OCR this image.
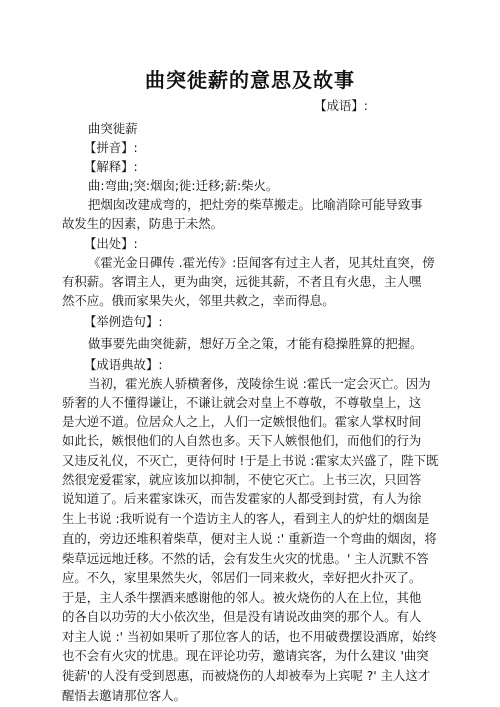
曲突徙薪的意思及故事

【成语】:

曲突徙薪

【拼音】:

【解释】:

曲:弯曲;突:烟囱;徙:迁移;薪:柴火。

把烟囱改建成弯的，把灶旁的柴草搬走。比喻消除可能导致事

故发生的因素，防患于未然。

【出处】:

《霍光金日磾传 .霍光传》:臣闻客有过主人者，见其灶直突，傍

有积薪。客谓主人，更为曲突，远徙其薪，不者且有火患，主人嘿

然不应。俄而家果失火，邻里共救之，幸而得息。

【举例造句】:

做事要先曲突徙薪，想好万全之策，才能有稳操胜算的把握。

【成语典故】:

当初，霍光族人骄横奢侈，茂陵徐生说 :霍氏一定会灭亡。因为

骄奢的人不懂得谦让，不谦让就会对皇上不尊敬，不尊敬皇上，这

是大逆不道。位居众人之上，人们一定嫉恨他们。霍家人掌权时间

如此长，嫉恨他们的人自然也多。天下人嫉恨他们，而他们的行为

又违反礼仪，不灭亡，更待何时 !于是上书说 :霍家太兴盛了，陛下既

然很宠爱霍家，就应该加以抑制，不使它灭亡。上书三次，只回答

说知道了。后来霍家诛灭，而告发霍家的人都受到封赏，有人为徐

生上书说 :我听说有一个造访主人的客人，看到主人的炉灶的烟囱是

直的，旁边还堆积着柴草，便对主人说 :' 重新造一个弯曲的烟囱，将

柴草远远地迁移。不然的话，会有发生火灾的忧患。' 主人沉默不答

应。不久，家里果然失火，邻居们一同来救火，幸好把火扑灭了。

于是，主人杀牛摆酒来感谢他的邻人。被火烧伤的人在上位，其他

的各自以功劳的大小依次坐，但是没有请说改曲突的那个人。有人

对主人说 :' 当初如果听了那位客人的话，也不用破费摆设酒席，始终

也不会有火灾的忧患。现在评论功劳，邀请宾客，为什么建议 '曲突

徙薪'的人没有受到恩惠，而被烧伤的人却被奉为上宾呢 ?' 主人这才

醒悟去邀请那位客人。
